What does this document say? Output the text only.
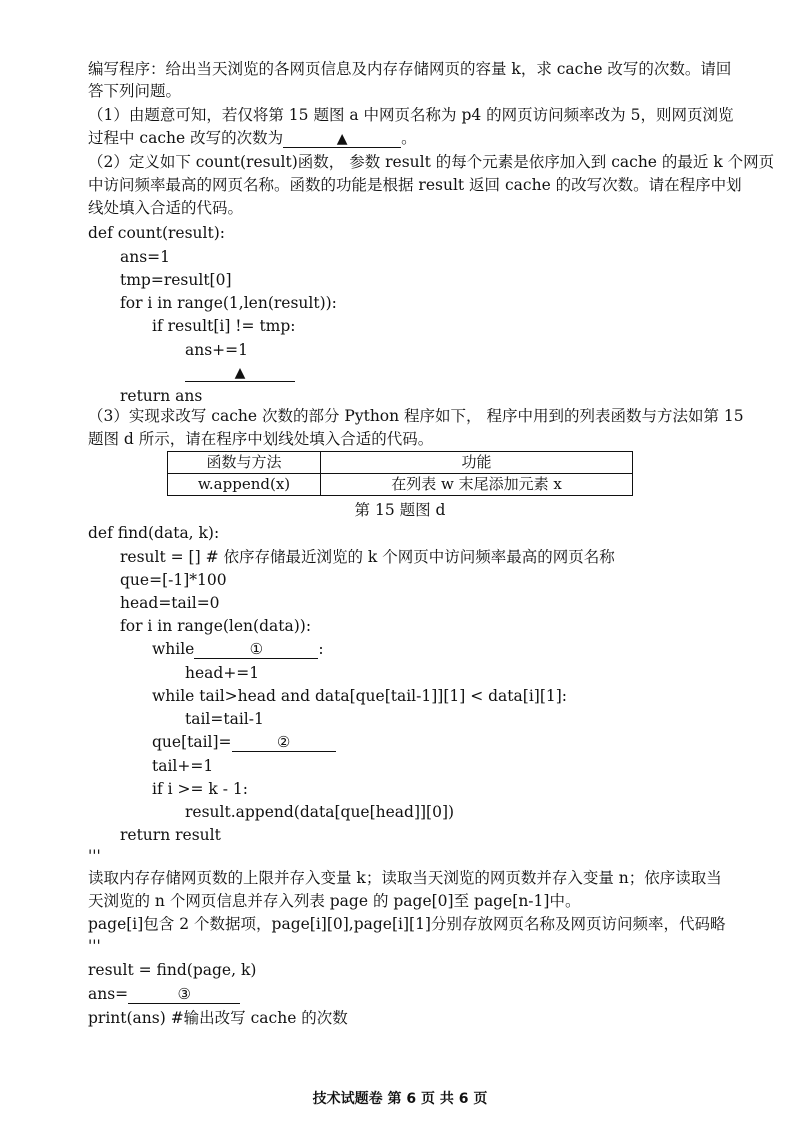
编写程序：给出当天浏览的各网页信息及内存存储网页的容量 k，求 cache 改写的次数。请回
答下列问题。
（1）由题意可知，若仅将第 15 题图 a 中网页名称为 p4 的网页访问频率改为 5，则网页浏览
过程中 cache 改写的次数为	▲	。
（2）定义如下 count(result)函数， 参数 result 的每个元素是依序加入到 cache 的最近 k 个网页
中访问频率最高的网页名称。函数的功能是根据 result 返回 cache 的改写次数。请在程序中划
线处填入合适的代码。
def count(result):
ans=1
tmp=result[0]
for i in range(1,len(result)):
if result[i] != tmp:
ans+=1
▲
return ans
（3）实现求改写 cache 次数的部分 Python 程序如下， 程序中用到的列表函数与方法如第 15
题图 d 所示，请在程序中划线处填入合适的代码。
函数与方法	功能
w.append(x)	在列表 w 末尾添加元素 x
第 15 题图 d
def find(data, k):
result = [] # 依序存储最近浏览的 k 个网页中访问频率最高的网页名称
que=[-1]*100
head=tail=0
for i in range(len(data)):
while	①	:
head+=1
while tail>head and data[que[tail-1]][1] < data[i][1]:
tail=tail-1
que[tail]=	②
tail+=1
if i >= k - 1:
result.append(data[que[head]][0])
return result
'''
读取内存存储网页数的上限并存入变量 k；读取当天浏览的网页数并存入变量 n；依序读取当
天浏览的 n 个网页信息并存入列表 page 的 page[0]至 page[n-1]中。
page[i]包含 2 个数据项，page[i][0],page[i][1]分别存放网页名称及网页访问频率，代码略
'''
result = find(page, k)
ans=	③
print(ans) #输出改写 cache 的次数
技术试题卷 第 6 页 共 6 页
